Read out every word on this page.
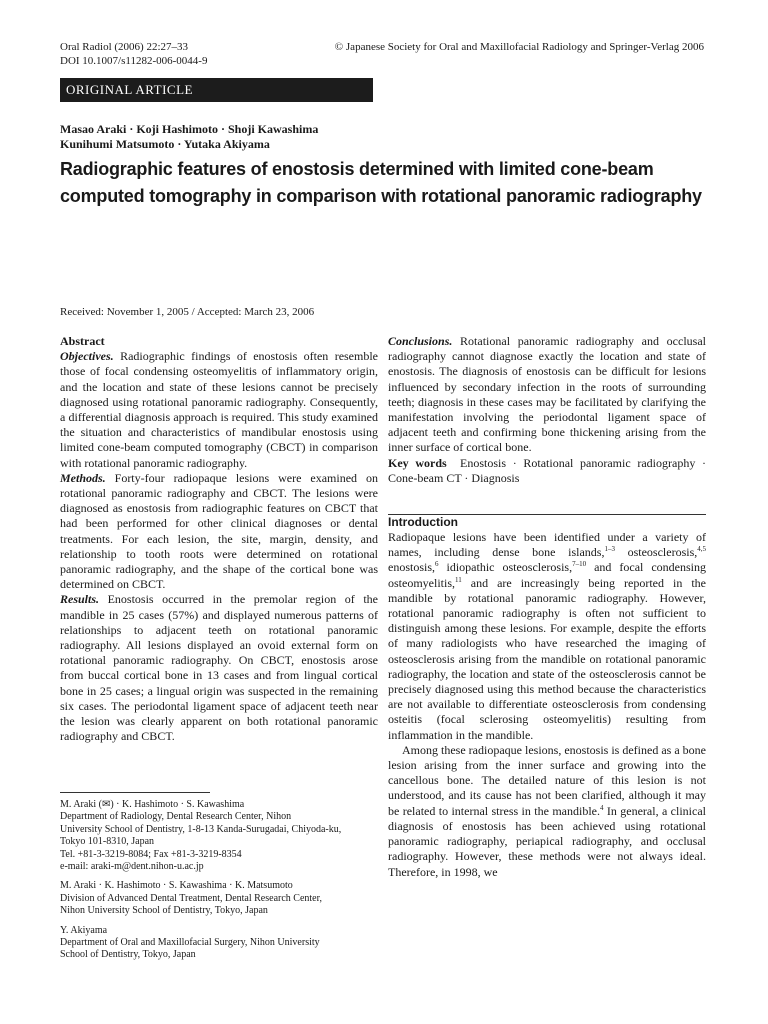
Oral Radiol (2006) 22:27–33
DOI 10.1007/s11282-006-0044-9
© Japanese Society for Oral and Maxillofacial Radiology and Springer-Verlag 2006
ORIGINAL ARTICLE
Masao Araki · Koji Hashimoto · Shoji Kawashima
Kunihumi Matsumoto · Yutaka Akiyama
Radiographic features of enostosis determined with limited cone-beam
computed tomography in comparison with rotational panoramic radiography
Received: November 1, 2005 / Accepted: March 23, 2006

Abstract

Objectives. Radiographic findings of enostosis often resemble those of focal condensing osteomyelitis of inflammatory origin, and the location and state of these lesions cannot be precisely diagnosed using rotational panoramic radiography. Consequently, a differential diagnosis approach is required. This study examined the situation and characteristics of mandibular enostosis using limited cone-beam computed tomography (CBCT) in comparison with rotational panoramic radiography.

Methods. Forty-four radiopaque lesions were examined on rotational panoramic radiography and CBCT. The lesions were diagnosed as enostosis from radiographic features on CBCT that had been performed for other clinical diagnoses or dental treatments. For each lesion, the site, margin, density, and relationship to tooth roots were determined on rotational panoramic radiography, and the shape of the cortical bone was determined on CBCT.

Results. Enostosis occurred in the premolar region of the mandible in 25 cases (57%) and displayed numerous patterns of relationships to adjacent teeth on rotational panoramic radiography. All lesions displayed an ovoid external form on rotational panoramic radiography. On CBCT, enostosis arose from buccal cortical bone in 13 cases and from lingual cortical bone in 25 cases; a lingual origin was suspected in the remaining six cases. The periodontal ligament space of adjacent teeth near the lesion was clearly apparent on both rotational panoramic radiography and CBCT.

M. Araki (✉) · K. Hashimoto · S. Kawashima
Department of Radiology, Dental Research Center, Nihon
University School of Dentistry, 1-8-13 Kanda-Surugadai, Chiyoda-ku,
Tokyo 101-8310, Japan
Tel. +81-3-3219-8084; Fax +81-3-3219-8354
e-mail: araki-m@dent.nihon-u.ac.jp
M. Araki · K. Hashimoto · S. Kawashima · K. Matsumoto
Division of Advanced Dental Treatment, Dental Research Center,
Nihon University School of Dentistry, Tokyo, Japan
Y. Akiyama
Department of Oral and Maxillofacial Surgery, Nihon University
School of Dentistry, Tokyo, Japan

Conclusions. Rotational panoramic radiography and occlusal radiography cannot diagnose exactly the location and state of enostosis. The diagnosis of enostosis can be difficult for lesions influenced by secondary infection in the roots of surrounding teeth; diagnosis in these cases may be facilitated by clarifying the manifestation involving the periodontal ligament space of adjacent teeth and confirming bone thickening arising from the inner surface of cortical bone.

Key words Enostosis · Rotational panoramic radiography · Cone-beam CT · Diagnosis

Introduction

Radiopaque lesions have been identified under a variety of names, including dense bone islands,$^{1-3}$ osteosclerosis,$^{4,5}$ enostosis,$^6$ idiopathic osteosclerosis,$^{7-10}$ and focal condensing osteomyelitis,$^{11}$ and are increasingly being reported in the mandible by rotational panoramic radiography. However, rotational panoramic radiography is often not sufficient to distinguish among these lesions. For example, despite the efforts of many radiologists who have researched the imaging of osteosclerosis arising from the mandible on rotational panoramic radiography, the location and state of the osteosclerosis cannot be precisely diagnosed using this method because the characteristics are not available to differentiate osteosclerosis from condensing osteitis (focal sclerosing osteomyelitis) resulting from inflammation in the mandible.

Among these radiopaque lesions, enostosis is defined as a bone lesion arising from the inner surface and growing into the cancellous bone. The detailed nature of this lesion is not understood, and its cause has not been clarified, although it may be related to internal stress in the mandible.$^4$ In general, a clinical diagnosis of enostosis has been achieved using rotational panoramic radiography, periapical radiography, and occlusal radiography. However, these methods were not always ideal. Therefore, in 1998, we
